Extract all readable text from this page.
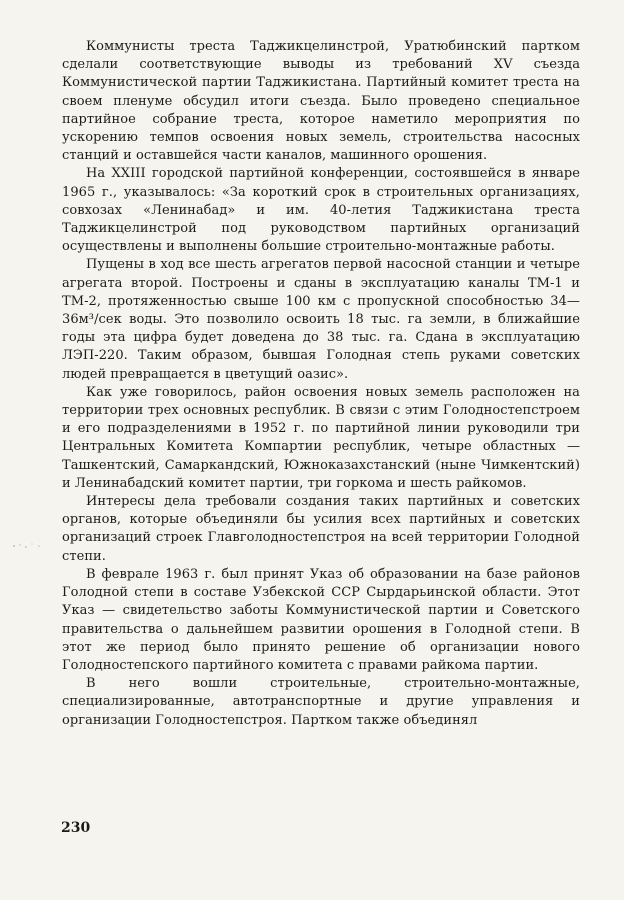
Коммунисты треста Таджикцелинстрой, Уратюбинский партком сделали соответствующие выводы из требований XV съезда Коммунистической партии Таджикистана. Партийный комитет треста на своем пленуме обсудил итоги съезда. Было проведено специальное партийное собрание треста, которое наметило мероприятия по ускорению темпов освоения новых земель, строительства насосных станций и оставшейся части каналов, машинного орошения.

На XXIII городской партийной конференции, состоявшейся в январе 1965 г., указывалось: «За короткий срок в строительных организациях, совхозах «Ленинабад» и им. 40-летия Таджикистана треста Таджикцелинстрой под руководством партийных организаций осуществлены и выполнены большие строительно-монтажные работы.

Пущены в ход все шесть агрегатов первой насосной станции и четыре агрегата второй. Построены и сданы в эксплуатацию каналы ТМ-1 и ТМ-2, протяженностью свыше 100 км с пропускной способностью 34—36м³/сек воды. Это позволило освоить 18 тыс. га земли, в ближайшие годы эта цифра будет доведена до 38 тыс. га. Сдана в эксплуатацию ЛЭП-220. Таким образом, бывшая Голодная степь руками советских людей превращается в цветущий оазис».

Как уже говорилось, район освоения новых земель расположен на территории трех основных республик. В связи с этим Голодностепстроем и его подразделениями в 1952 г. по партийной линии руководили три Центральных Комитета Компартии республик, четыре областных — Ташкентский, Самаркандский, Южноказахстанский (ныне Чимкентский) и Ленинабадский комитет партии, три горкома и шесть райкомов.

Интересы дела требовали создания таких партийных и советских органов, которые объединяли бы усилия всех партийных и советских организаций строек Главголодностепстроя на всей территории Голодной степи.

В феврале 1963 г. был принят Указ об образовании на базе районов Голодной степи в составе Узбекской ССР Сырдарьинской области. Этот Указ — свидетельство заботы Коммунистической партии и Советского правительства о дальнейшем развитии орошения в Голодной степи. В этот же период было принято решение об организации нового Голодностепского партийного комитета с правами райкома партии.

В него вошли строительные, строительно-монтажные, специализированные, автотранспортные и другие управления и организации Голодностепстроя. Партком также объединял

230
